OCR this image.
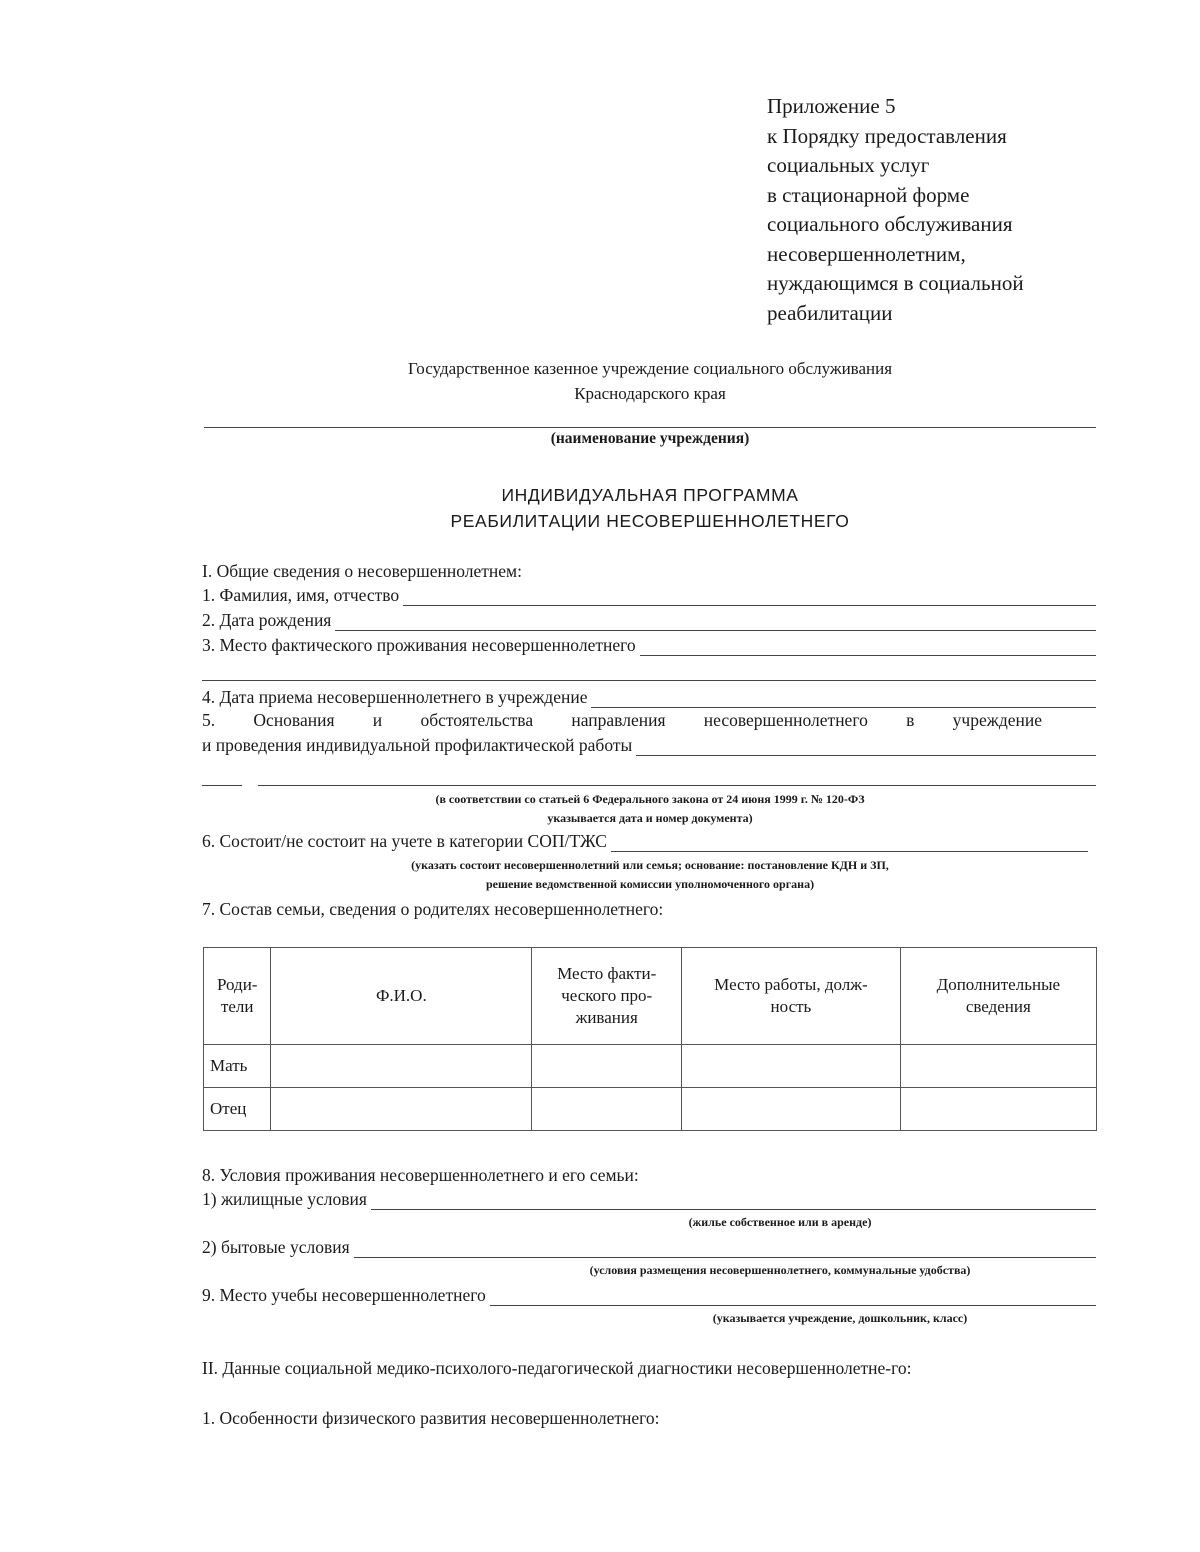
Приложение 5
к Порядку предоставления
социальных услуг
в стационарной форме
социального обслуживания
несовершеннолетним,
нуждающимся в социальной
реабилитации
Государственное казенное учреждение социального обслуживания
Краснодарского края
(наименование учреждения)
ИНДИВИДУАЛЬНАЯ ПРОГРАММА
РЕАБИЛИТАЦИИ НЕСОВЕРШЕННОЛЕТНЕГО
I. Общие сведения о несовершеннолетнем:
1. Фамилия, имя, отчество
2. Дата рождения
3. Место фактического проживания несовершеннолетнего
4. Дата приема несовершеннолетнего в учреждение
5. Основания и обстоятельства направления несовершеннолетнего в учреждение
и проведения индивидуальной профилактической работы
(в соответствии со статьей 6 Федерального закона от 24 июня 1999 г. № 120-ФЗ
указывается дата и номер документа)
6. Состоит/не состоит на учете в категории СОП/ТЖС
(указать состоит несовершеннолетний или семья; основание: постановление КДН и ЗП,
решение ведомственной комиссии уполномоченного органа)
7. Состав семьи, сведения о родителях несовершеннолетнего:
Роди-
тели	Ф.И.О.	Место факти-
ческого про-
живания	Место работы, долж-
ность	Дополнительные
сведения
Мать				
Отец				
8. Условия проживания несовершеннолетнего и его семьи:
1) жилищные условия
(жилье собственное или в аренде)
2) бытовые условия
(условия размещения несовершеннолетнего, коммунальные удобства)
9. Место учебы несовершеннолетнего
(указывается учреждение, дошкольник, класс)
II. Данные социальной медико-психолого-педагогической диагностики несовершеннолетне-го:
1. Особенности физического развития несовершеннолетнего:
